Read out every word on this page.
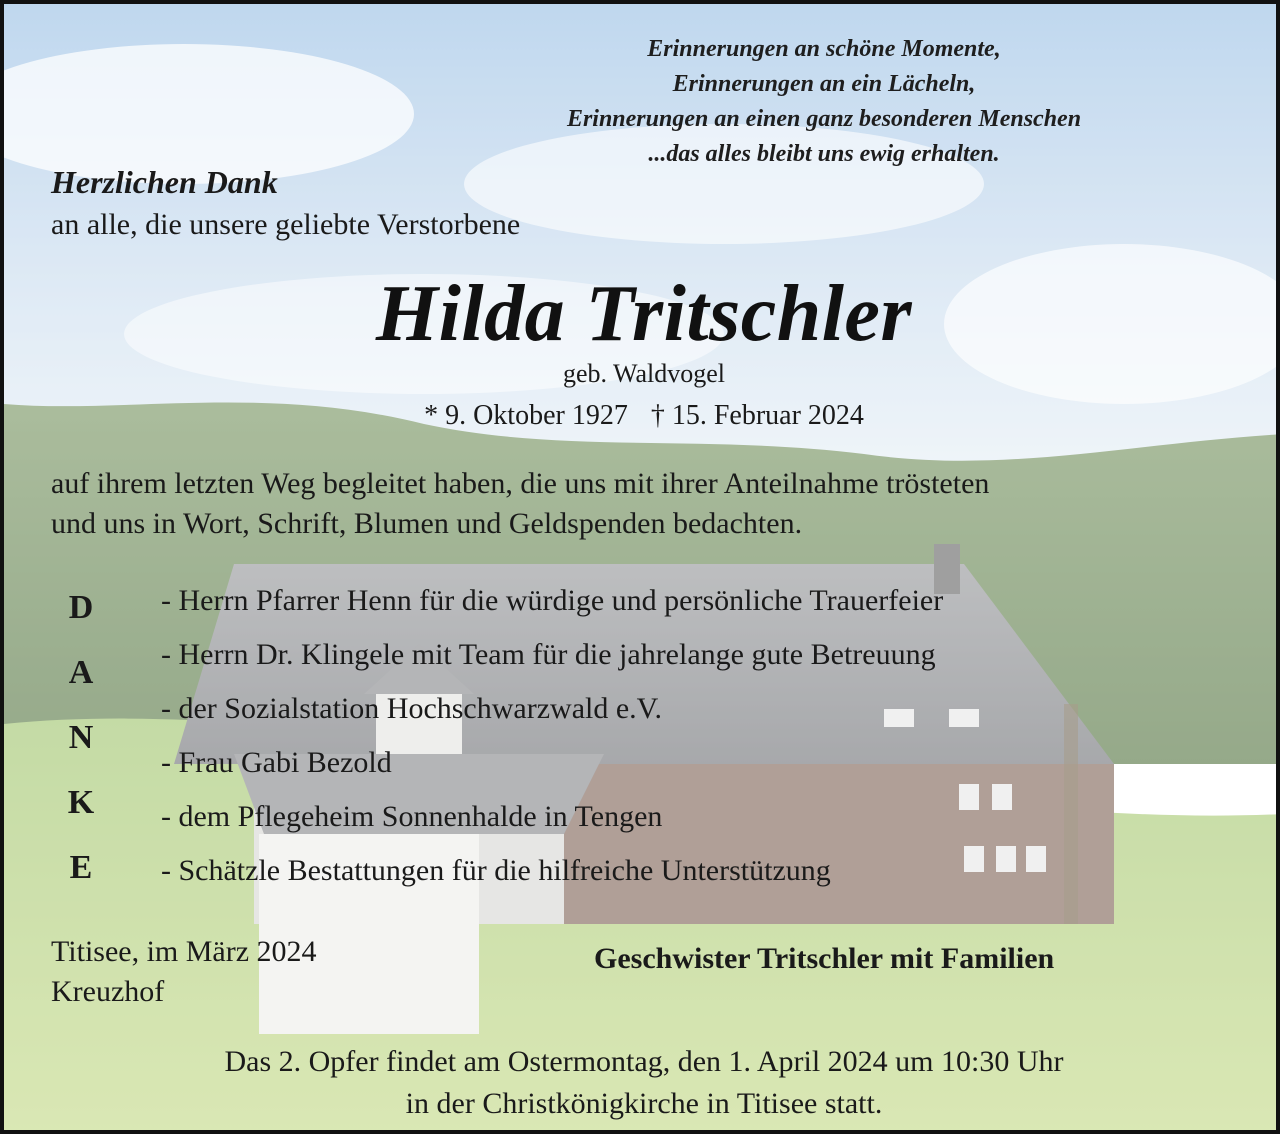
Erinnerungen an schöne Momente,
Erinnerungen an ein Lächeln,
Erinnerungen an einen ganz besonderen Menschen
...das alles bleibt uns ewig erhalten.

Herzlichen Dank

an alle, die unsere geliebte Verstorbene

Hilda Tritschler

geb. Waldvogel

* 9. Oktober 1927 † 15. Februar 2024

auf ihrem letzten Weg begleitet haben, die uns mit ihrer Anteilnahme trösteten
und uns in Wort, Schrift, Blumen und Geldspenden bedachten.

D
A
N
K
E
- Herrn Pfarrer Henn für die würdige und persönliche Trauerfeier
- Herrn Dr. Klingele mit Team für die jahrelange gute Betreuung
- der Sozialstation Hochschwarzwald e.V.
- Frau Gabi Bezold
- dem Pflegeheim Sonnenhalde in Tengen
- Schätzle Bestattungen für die hilfreiche Unterstützung

Titisee, im März 2024
Kreuzhof

Geschwister Tritschler mit Familien

Das 2. Opfer findet am Ostermontag, den 1. April 2024 um 10:30 Uhr
in der Christkönigkirche in Titisee statt.
